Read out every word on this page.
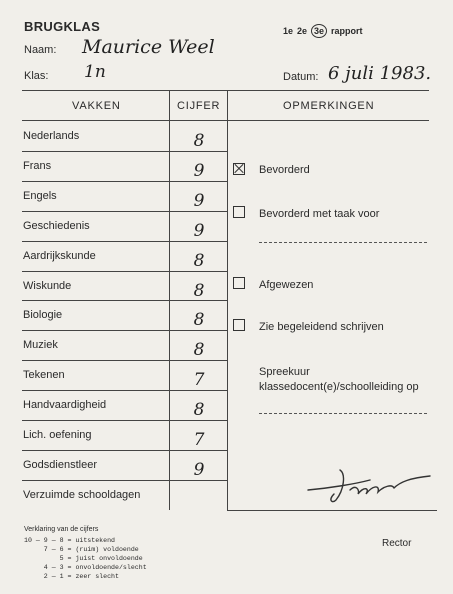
BRUGKLAS	1e 2e 3e rapport
Naam: Maurice Weel
Klas: 1n	Datum: 6 juli 1983.
VAKKEN	CIJFER	OPMERKINGEN
Nederlands	8
Frans	9
Engels	9
Geschiedenis	9
Aardrijkskunde	8
Wiskunde	8
Biologie	8
Muziek	8
Tekenen	7
Handvaardigheid	8
Lich. oefening	7
Godsdienstleer	9
Verzuimde schooldagen
Bevorderd
Bevorderd met taak voor
Afgewezen
Zie begeleidend schrijven
Spreekuur
klassedocent(e)/schoolleiding op
Verklaring van de cijfers
10 — 9 — 8 = uitstekend
7 — 6 = (ruim) voldoende
5 = juist onvoldoende
4 — 3 = onvoldoende/slecht
2 — 1 = zeer slecht
Rector
